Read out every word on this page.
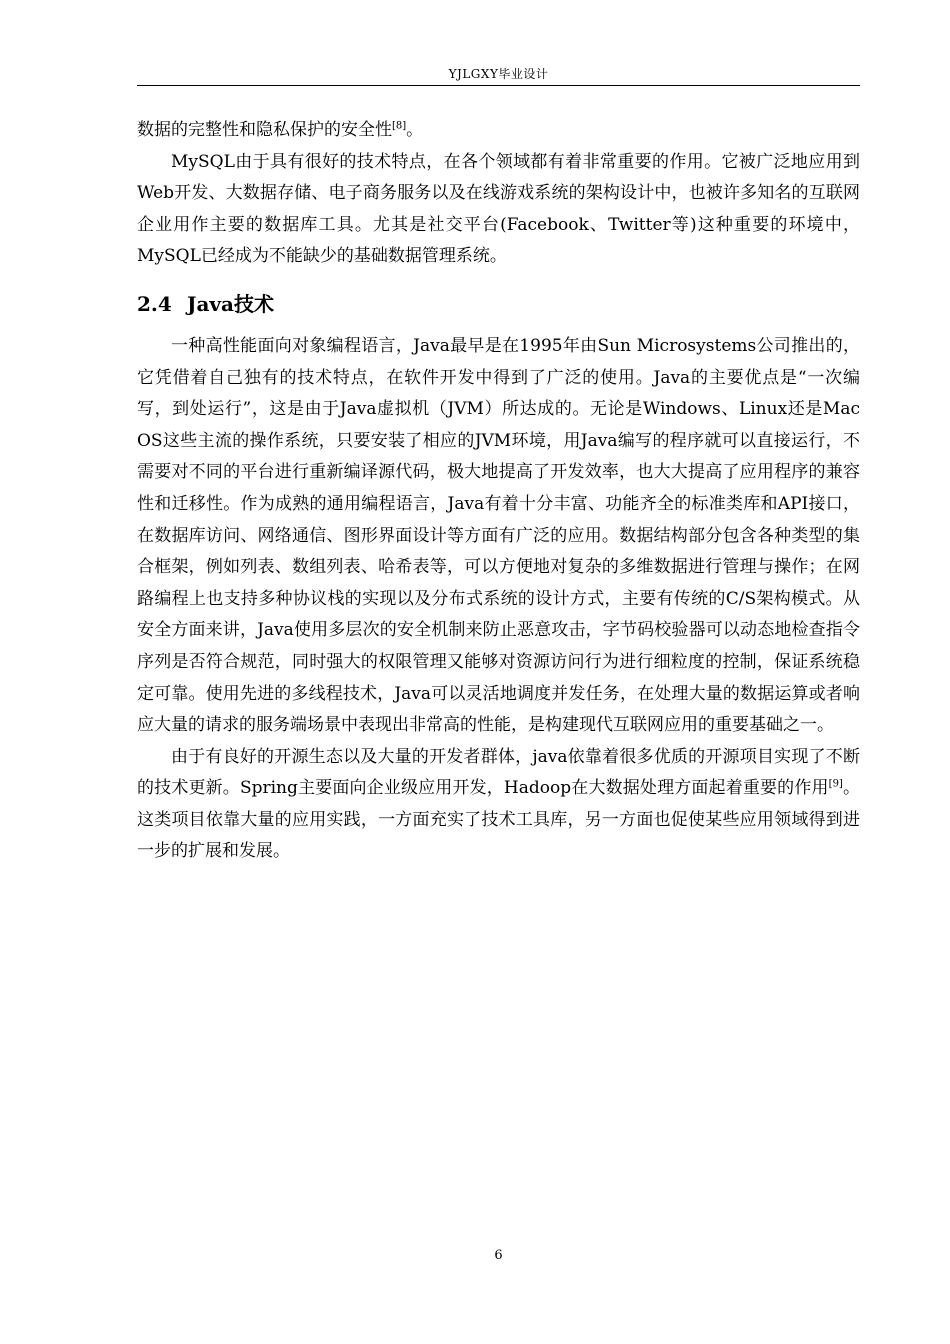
YJLGXY毕业设计

数据的完整性和隐私保护的安全性[8]。

MySQL由于具有很好的技术特点，在各个领域都有着非常重要的作用。它被广泛地应用到Web开发、大数据存储、电子商务服务以及在线游戏系统的架构设计中，也被许多知名的互联网企业用作主要的数据库工具。尤其是社交平台(Facebook、Twitter等)这种重要的环境中，MySQL已经成为不能缺少的基础数据管理系统。

2.4 Java技术

一种高性能面向对象编程语言，Java最早是在1995年由Sun Microsystems公司推出的，它凭借着自己独有的技术特点，在软件开发中得到了广泛的使用。Java的主要优点是“一次编写，到处运行”，这是由于Java虚拟机（JVM）所达成的。无论是Windows、Linux还是Mac OS这些主流的操作系统，只要安装了相应的JVM环境，用Java编写的程序就可以直接运行，不需要对不同的平台进行重新编译源代码，极大地提高了开发效率，也大大提高了应用程序的兼容性和迁移性。作为成熟的通用编程语言，Java有着十分丰富、功能齐全的标准类库和API接口，在数据库访问、网络通信、图形界面设计等方面有广泛的应用。数据结构部分包含各种类型的集合框架，例如列表、数组列表、哈希表等，可以方便地对复杂的多维数据进行管理与操作；在网路编程上也支持多种协议栈的实现以及分布式系统的设计方式，主要有传统的C/S架构模式。从安全方面来讲，Java使用多层次的安全机制来防止恶意攻击，字节码校验器可以动态地检查指令序列是否符合规范，同时强大的权限管理又能够对资源访问行为进行细粒度的控制，保证系统稳定可靠。使用先进的多线程技术，Java可以灵活地调度并发任务，在处理大量的数据运算或者响应大量的请求的服务端场景中表现出非常高的性能，是构建现代互联网应用的重要基础之一。

由于有良好的开源生态以及大量的开发者群体，java依靠着很多优质的开源项目实现了不断的技术更新。Spring主要面向企业级应用开发，Hadoop在大数据处理方面起着重要的作用[9]。这类项目依靠大量的应用实践，一方面充实了技术工具库，另一方面也促使某些应用领域得到进一步的扩展和发展。

6
